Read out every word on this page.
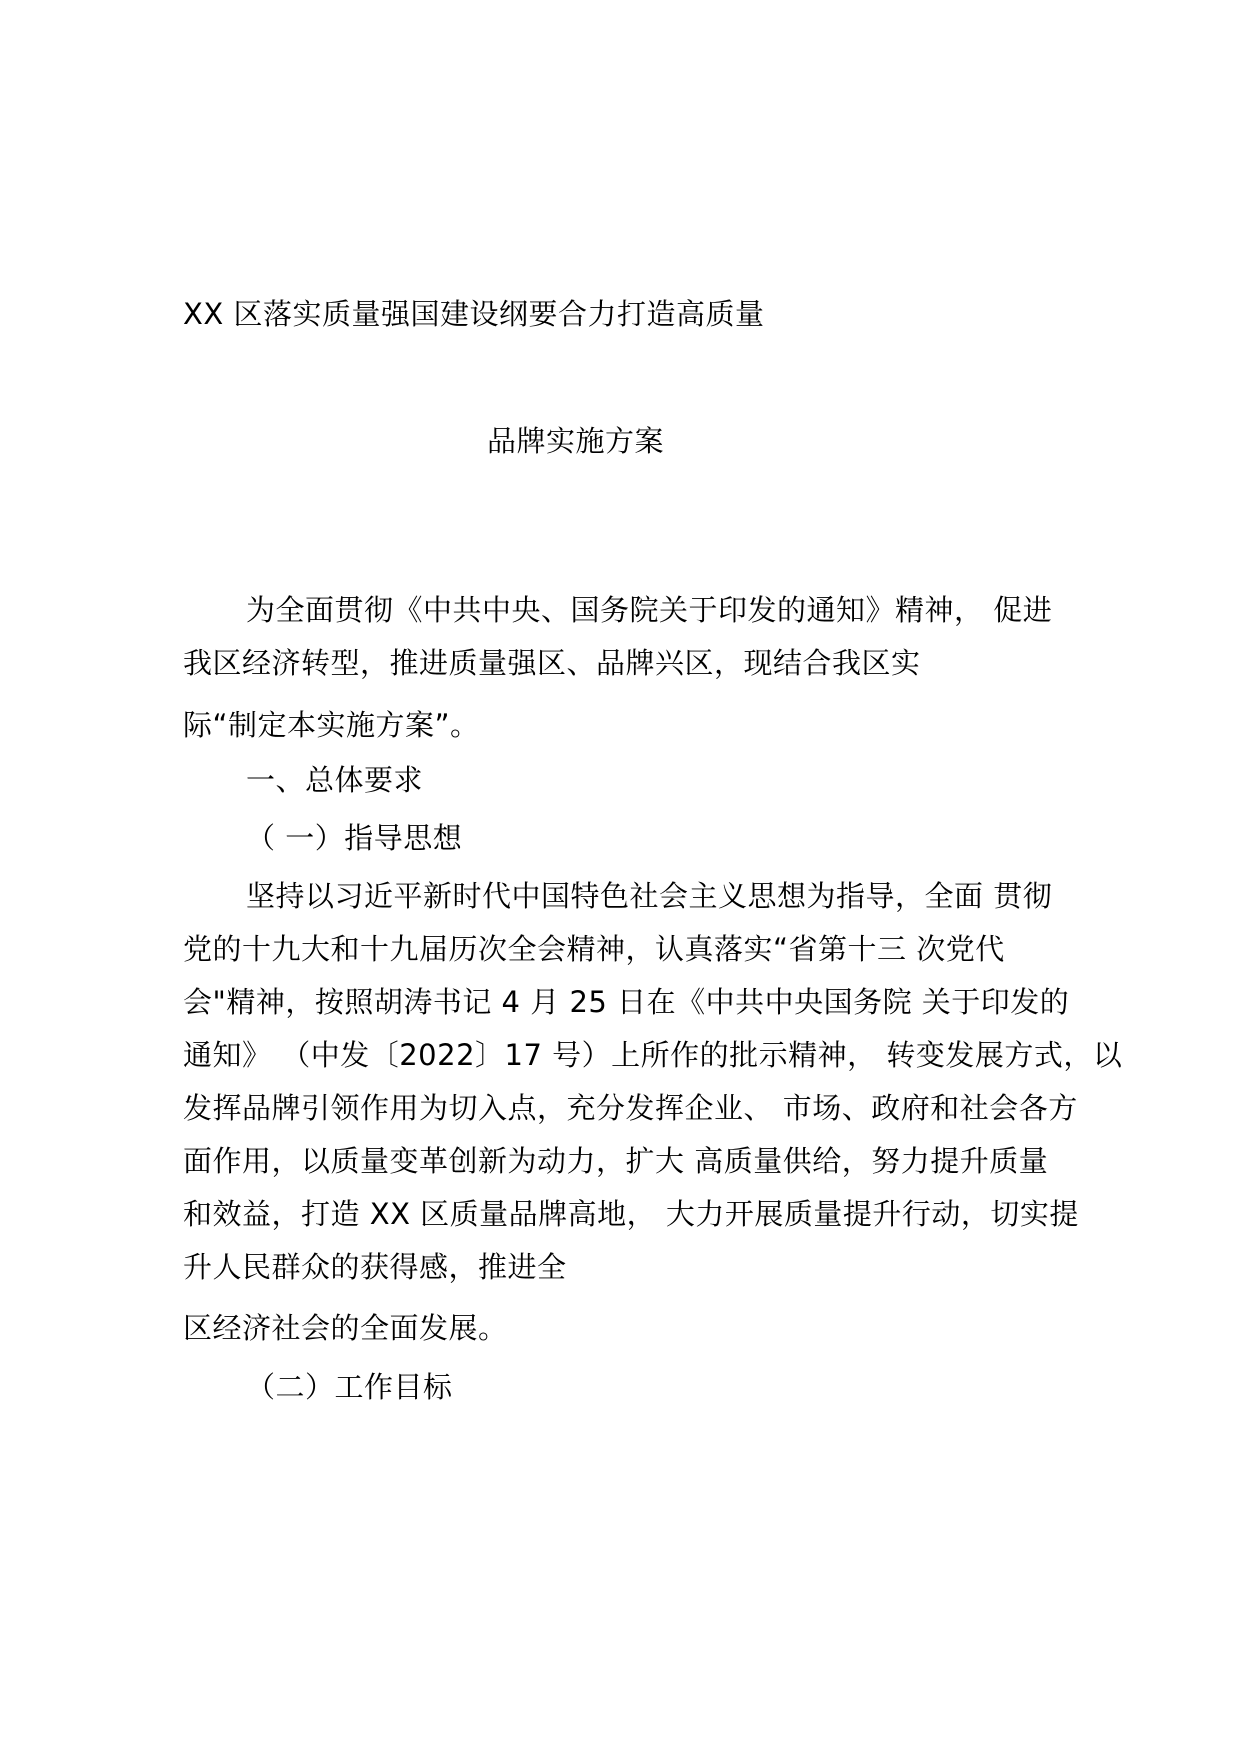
XX 区落实质量强国建设纲要合力打造高质量
品牌实施方案
为全面贯彻《中共中央、国务院关于印发的通知》精神， 促进
我区经济转型，推进质量强区、品牌兴区，现结合我区实
际“制定本实施方案”。
一、总体要求
（ 一）指导思想
坚持以习近平新时代中国特色社会主义思想为指导，全面 贯彻
党的十九大和十九届历次全会精神，认真落实“省第十三 次党代
会"精神，按照胡涛书记 4 月 25 日在《中共中央国务院 关于印发的
通知》 （中发〔2022〕17 号）上所作的批示精神， 转变发展方式，以
发挥品牌引领作用为切入点，充分发挥企业、 市场、政府和社会各方
面作用，以质量变革创新为动力，扩大 高质量供给，努力提升质量
和效益，打造 XX 区质量品牌高地， 大力开展质量提升行动，切实提
升人民群众的获得感，推进全
区经济社会的全面发展。
（二）工作目标
